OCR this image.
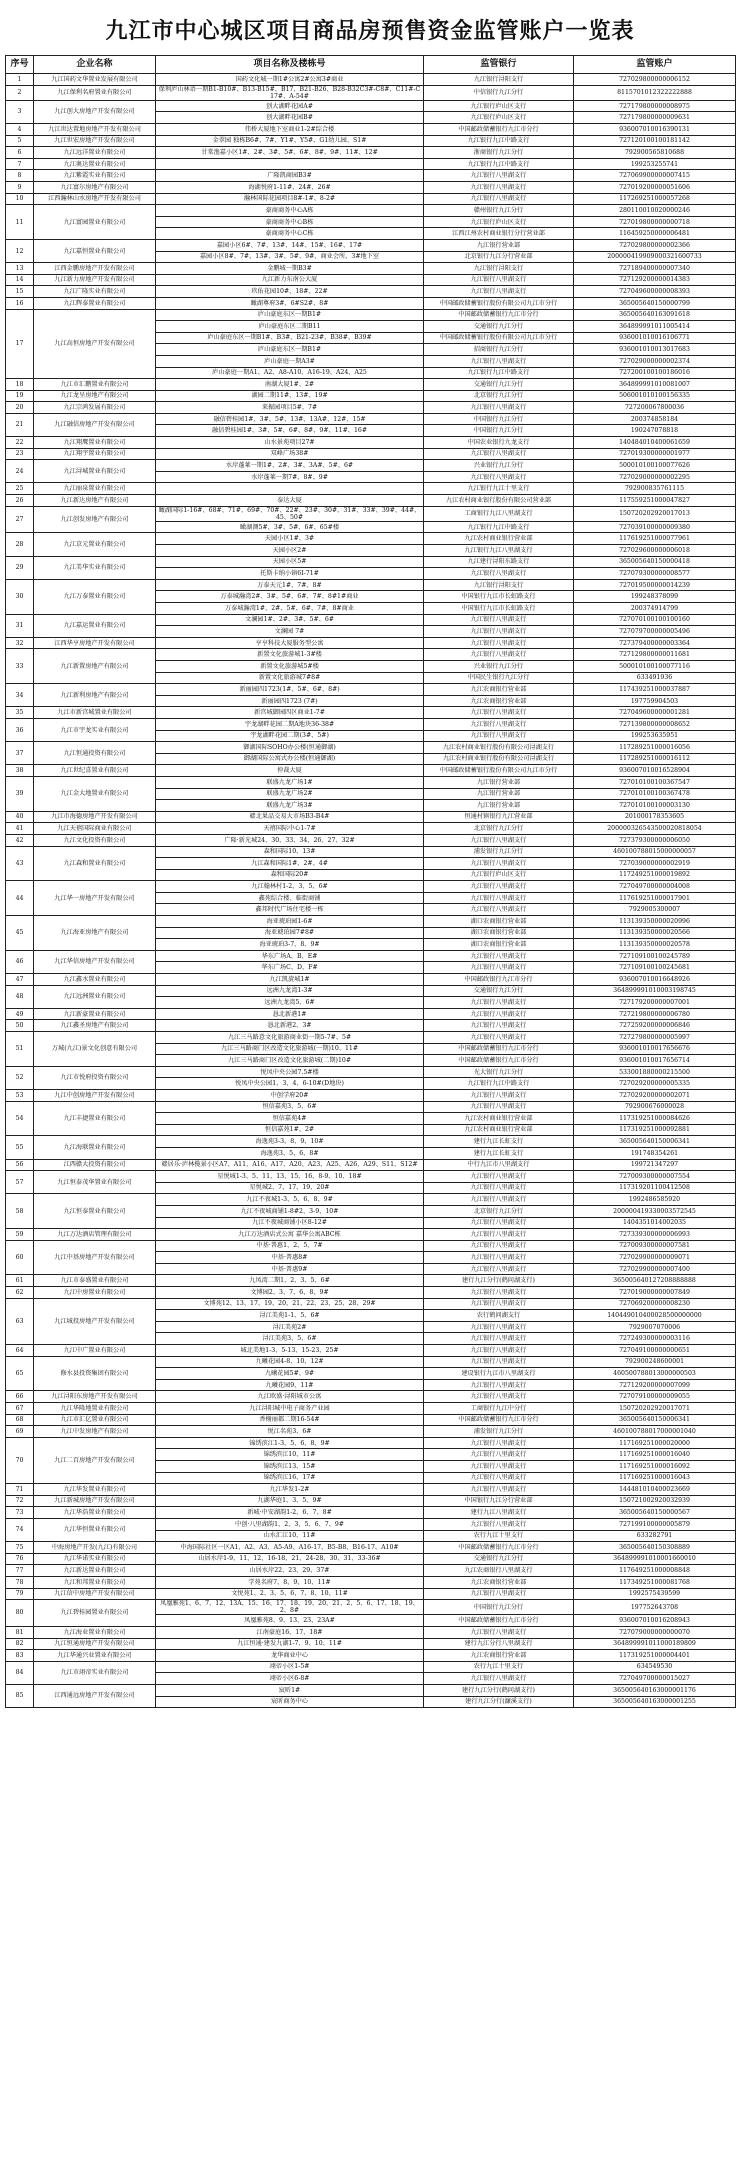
九江市中心城区项目商品房预售资金监管账户一览表
序号	企业名称	项目名称及楼栋号	监管银行	监管账户
1	九江国药文华置业发展有限公司	国药文化城一期1#公寓2#公寓3#商业	九江银行浔阳支行	727029800000006152
2	九江保利名府置业有限公司	保利庐山林语一期B1-B10#、B13-B15#、B17、B21-B26、B28-B32C3#-C8#、C11#-C17#、A-54#	中信银行九江分行	8115701012322222888
3	九江创大房地产开发有限公司	创大湖畔花园A#	九江银行庐山区支行	727179800000008975
		创大湖畔花园B#	九江银行庐山区支行	727179800000009631
4	九江世达置地房地产开发有限公司	伟桥大厦地下室商业1-2#综合楼	中国邮政储蓄银行九江市分行	936007010016390131
5	九江世宏房地产开发有限公司	金翠园 独栋B6#、7#、Y1#、Y5#、G1幼儿园、S1#	九江银行九江中路支行	727120100100181142
6	九江远洋置业有限公司	甘棠渔嘉小区1#、2#、3#、5#、6#、8#、9#、11#、12#	浙商银行九江分行	792900565810688
7	九江奥达置业有限公司		九江银行九江中路支行	199253255741
8	九江紫霞实业有限公司	广隆凯商园B3#	九江银行八里湖支行	727069900000007415
9	九江富尔房地产有限公司	海湖悦府1-11#、24#、26#	九江银行八里湖支行	727019200000051606
10	江西瀚林山水房地产开发有限公司	瀚林国际花园项目8#-1#、8-2#	九江银行八里湖支行	117269251000057268
11	九江富园置业有限公司	豪商商务中心A栋	赣州银行九江分行	280110010020000246
		豪商商务中心B栋	九江银行庐山区支行	727019800000000718
		豪商商务中心C栋	江西江州农村商业银行分行营业部	116459250000006481
12	九江嘉恒置业有限公司	嘉园小区6#、7#、13#、14#、15#、16#、17#	九江银行营业部	727029800000002366
		嘉园小区8#、7#、13#、3#、5#、9#、商业会所、3#地下室	北京银行九江分行营业部	200000419909000321600733
13	江西金鹏房地产开发有限公司	金鹏城一期B3#	九江银行浔阳支行	727189400000007340
14	九江新力房地产开发有限公司	九江新力东南公大厦	九江银行八里湖支行	727129200000014383
15	九江广隆实业有限公司	玖佑花园10#、18#、22#	九江银行八里湖支行	727049600000008393
16	九江辉泰置业有限公司	瞰湖尊府3#、6#S2#、8#	中国邮政储蓄银行股份有限公司九江市分行	365005640150000799
17	九江高恒房地产开发有限公司	庐山豪庭东区一期B1#	中国邮政储蓄银行九江市分行	365005640163091618
		庐山豪庭东区二期B11	交通银行九江分行	364899991011005414
		庐山豪庭东区一期B1#、B3#、B21-23#、B38#、B39#	中国邮政储蓄银行股份有限公司九江市分行	936001010016106771
		庐山豪庭东区一期B1#	招商银行九江分行	936001010013017683
		庐山豪庭一期A3#	九江银行八里湖支行	727029000000002374
		庐山豪庭一期A1、A2、A8-A10、A16-19、A24、A25	九江银行九江中路支行	727200100100186016
18	九江市汇鹏置业有限公司	南湖大厦1#、2#	交通银行九江分行	364899991010081007
19	九江龙呈房地产有限公司	湖园二期11#、13#、19#	北京银行九江分行	506001010100156335
20	九江宗鸿发展有限公司	来振园项目5#、7#	九江银行八里湖支行	727200067800036
21	九江融信房地产开发有限公司	融信碧桂园1#、3#、5#、13#、13A#、12#、15#	中国银行九江分行	200374858184
		融信碧桂园1#、3#、5#、6#、8#、9#、11#、16#	中国银行九江分行	190247078818
22	九江翔鹰置业有限公司	山水景苑项目27#	中国农业银行九龙支行	140484010400061659
23	九江翔宇置业有限公司	双峰广场38#	九江银行八里湖支行	727019300000001977
24	九江浔城置业有限公司	水岸蓬莱一期1#、2#、3#、3A#、5#、6#	兴业银行九江分行	500010100100077626
		水岸蓬莱一期7#、8#、9#	九江银行八里湖支行	727029000000002295
25	九江丽泉置业有限公司		九江银行九江十里支行	792900835761115
26	九江新达房地产有限公司	泰达大厦	九江农村商业银行股份有限公司营业部	117559251000047827
27	九江创发房地产有限公司	瞰湖国际1-16#、68#、71#、69#、70#、22#、23#、30#、31#、33#、39#、44#、45、50#	工商银行九江八里湖支行	150720202920017013
		瞰湖测5#、3#、5#、6#、65#楼	九江银行九江中路支行	727039100000009380
28	九江京元置业有限公司	天园小区1#、3#	九江农村商业银行营业部	117619251000077961
		天园小区2#	九江银行九江八里湖支行	727029600000006018
29	九江美华实业有限公司	天园小区5#	九江建行浔阳东路支行	365005640150000418
		托斯卡纳小镇6I-71#	九江银行八里湖支行	727079300000008577
30	九江万泰置业有限公司	万泰天元1#、7#、8#	九江银行浔阳支行	727019500000014239
		万泰城瀚湾2#、3#、5#、6#、7#、8#1#商业	中国银行九江市长虹路支行	199248378099
		万泰城瀚湾1#、2#、5#、6#、7#、8#商业	中国银行九江市长虹路支行	200374914799
31	九江嘉运置业有限公司	文澜园1#、2#、3#、5#、6#	九江银行八里湖支行	727070100100100160
		文澜园 7#	九江银行八里湖支行	727079700000005496
32	江西华亨房地产开发有限公司	亨亨科技大厦服务型公寓	九江银行八里湖支行	727379400000003364
33	九江新置房地产有限公司	新置文化旅游城1-3#楼	九江银行八里湖支行	727129800000011681
		新置文化旅游城5#楼	兴业银行九江分行	500010100100077116
		新置文化旅游城7#8#	中国民生银行九江分行	633491936
34	九江新利房地产有限公司	新丽园四1723(1#、5#、6#、8#)	九江农商银行营业部	117439251000037887
		新丽园四1723 (7#)	九江农商银行营业部	197759904503
35	九江市新宫城置业有限公司	新宫城御园四区商业1-7#	九江银行八里湖支行	727049600000001281
36	九江市宇龙实业有限公司	宇龙湖畔花园二期A地块36-38#	九江银行八里湖支行	727139800000008652
		宇龙湖畔花园二期(3#、5#)	九江银行八里湖支行	199253635951
37	九江恒通投资有限公司	御湖国际SOHO办公楼(恒通御湖)	九江农村商业银行股份有限公司浔湖支行	117289251000016056
		御湖国际公寓式办公楼(恒通御湖)	九江农村商业银行股份有限公司浔湖支行	117289251000016112
38	九江世纪喜置业有限公司	仲裁大厦	中国邮政储蓄银行股份有限公司九江市分行	936007010016528904
39	九江金大地置业有限公司	联盛九龙广场1#	九江银行营业部	727010100100367547
		联盛九龙广场2#	九江银行营业部	727010100100367478
		联盛九龙广场3#	九江银行营业部	727010100100003130
40	九江市海德房地产开发有限公司	赣北果品交易大市场B3-B4#	恒通村镇银行九江营业部	201000178353605
41	九江天禧国际商业有限公司	天禧国际中心1-7#	北京银行九江分行	200000326543500020818054
42	九江文化投资有限公司	广隆·新光城24、30、33、34、26、27、32#	九江银行八里湖支行	727379300000006050
43	九江森和置业有限公司	森和国际10、13#	浦发银行九江分行	460100788015000000057
		九江森和国际1#、2#、4#	九江银行八里湖支行	727039000000002919
		森和国际20#	九江银行庐山区支行	117249251000019892
44	九江华一房地产开发有限公司	九江翰林村1-2、3、5、6#	九江银行八里湖支行	727049700000004008
		鑫苑综合楼、临街商铺	九江银行八里湖支行	117619251000017901
		鑫邦时代广场住宅楼一栋	九江银行八里湖支行	7929005300007
45	九江海亚房地产有限公司	海亚琥珀园1-6#	湖口农商银行营业部	113139350000020996
		海亚琥珀园7#8#	湖口农商银行营业部	113139350000020566
		海亚琥珀3-7、8、9#	湖口农商银行营业部	113139350000020578
46	九江华信房地产开发有限公司	华东广场A、B、E#	九江银行八里湖支行	727109100100245789
		华东广场C、D、F#	九江银行八里湖支行	727109100100245681
47	九江鑫水置业有限公司	九江凯旋城1#	中国邮政银行九江市分行	936007010016648926
48	九江远洲置业有限公司	远洲九龙湾1-3#	交通银行九江分行	364899991010003198745
		远洲九龙湾5、6#	九江银行八里湖支行	727179200000007001
49	九江新豪置业有限公司	恳北新港1#	九江银行八里湖支行	727219800000006780
50	九江鑫圣房地产有限公司	恳北新港2、3#	九江银行八里湖支行	727259200000006846
51	万城(九江)景文化创意有限公司	九江三马路意文化旅游商业街一期5-7#、5#	九江银行八里湖支行	727279800000005997
		九江三马路商门区改造文化旅游城(一期)10、11#	中国邮政储蓄银行九江市分行	936001010017656676
		九江三马路商门区改造文化旅游城(二期)10#	中国邮政储蓄银行九江市分行	936001010017656714
52	九江市悦府投资有限公司	悦凤中央公园7.5#楼	光大银行九江分行	533001880000215500
		悦凤中央公园1、3、4、6-10#(D地块)	九江银行九江中路支行	727029200000005335
53	九江中创房地产开发有限公司	中创学府20#	九江银行八里湖支行	727029200000002071
54	九江丰捷置业有限公司	恒信嘉苑3、5、6#	九江银行八里湖支行	792900676000028
		恒信嘉苑4#	九江农村商业银行营业部	117319251000084626
		恒信嘉苑1#、2#	九江农村商业银行营业部	117319251000092881
55	九江海联置业有限公司	海逸苑3-3、8、9、10#	建行九江长虹支行	365005640150006341
		海逸苑3、5、6、8#	建行九江长虹支行	191748354261
56	江西赣大投资有限公司	赣居乐·庐林揽景小区A7、A11、A16、A17、A20、A23、A25、A26、A29、S11、S12#	中行九江市八里湖支行	199721347297
57	九江恒泰茂华置业有限公司	星悦城1-3、5、11、13、15、16、8-9、10、18#	九江银行八里湖支行	727009300000007554
		星悦城2、7、17、19、20#	九江银行八里湖支行	117319201100412508
58	九江恒泰置业有限公司	九江不夜城1-3、5、6、8、9#	九江银行八里湖支行	1992486585920
		九江不夜城商铺1-8#2、3-9、10#	北京银行九江分行	200000419330003572545
		九江不夜城商铺小区8-12#	九江银行八里湖支行	1404351014002035
59	九江万达酒店管理有限公司	九江万达酒店式公寓 嘉华公寓ABC栋	九江银行八里湖支行	727339300000006993
60	九江中基房地产开发有限公司	中基·普惠1、2、5、7#	九江银行八里湖支行	727009300000007581
		中基·普惠8#	九江银行八里湖支行	727029900000009071
		中基·普惠9#	九江银行八里湖支行	727029900000007400
61	九江市泰盛置业有限公司	九凤湾二期1、2、3、5、6#	建行九江分行(鹤问湖支行)	365005640127208888888
62	九江中房置业有限公司	文博园2、3、7、6、8、9#	九江银行八里湖支行	727019000000007849
63	九江城投房地产开发有限公司	文博苑12、13、17、19、20、21、22、23、25、28、29#	九江银行八里湖支行	727069200000008230
		浔江美苑1-1、5、6#	农行鹤问湖支行	140449010400028500000000
		浔江美苑2#	九江银行八里湖支行	7929007070006
		浔江美苑3、5、6#	九江银行八里湖支行	727249300000003116
64	九江中广置业有限公司	城北美地1-3、5-13、15-23、25#	九江银行八里湖支行	727049100000000651
65	修水县投资集团有限公司	九曦花园4-8、10、12#	九江银行八里湖支行	792900248600001
		九曦花园5#、9#	建设银行九江市八里湖支行	460500788013000000503
		九曦花园9、11#	九江银行八里湖支行	727129200000007099
66	九江浔阳东房地产开发有限公司	九江欧盛·浔阳城市公寓	九江银行八里湖支行	727079100000009055
67	九江华隆地置业有限公司	九江浔阳城中电子商务产业园	工商银行九江中分行	150720202920017071
68	九江市汇亿置业有限公司	香榭丽都二期16-54#	中国邮政储蓄银行九江市分行	365005640150006341
69	九江中发房地产有限公司	悦江名苑3、6#	浦发银行九江分行	460100788017000001040
70	九江二百房地产开发有限公司	锦绣滨江1-3、5、6、8、9#	九江银行八里湖支行	117169251000020000
		锦绣滨江10、11#	九江银行八里湖支行	117169251000016040
		锦绣滨江13、15#	九江银行八里湖支行	117169251000016092
		锦绣滨江16、17#	九江银行八里湖支行	117169251000016043
71	九江华发置业有限公司	九江华发1-2#	九江银行八里湖支行	144481010400023669
72	九江新城房地产开发有限公司	九湖华庭1、3、5、9#	中国银行九江分行营业部	150721002920032939
73	九江华浩置业有限公司	新城·中安湖韵1-2、6、7、8#	建行九江八里湖支行	365005640150000567
74	九江华恒置业有限公司	中创·八里湖韵1、2、3、5、6、7、9#	九江银行八里湖支行	727199100000005879
		山水汇江10、11#	农行九江十里支行	633282791
75	中海房地产开发(九江)有限公司	中海国际社区一区A1、A2、A3、A5-A9、A16-17、B5-B8、B16-17、A10#	中国邮政储蓄银行九江市分行	365005640150308889
76	九江华诺实业有限公司	山居水岸1-9、11、12、16-18、21、24-28、30、31、33-36#	交通银行九江分行	364899991010001660010
77	九江新达置业有限公司	山居水岸22、23、29、37#	九江农商银行八里湖支行	117649251000008848
78	九江和邦置业有限公司	学苑名府7、8、9、10、11#	九江农商银行营业部	117349251000081768
79	九江信中房地产开发有限公司	文悦苑1、2、3、5、6、7、8、10、11#	九江银行八里湖支行	1992575439599
80	九江碧桂园置业有限公司	凤凰雅苑1、6、7、12、13A、15、16、17、18、19、20、21、2、5、6、17、18、19、2、8#	中国银行九江分行	197752643708
		凤凰雅苑8、9、13、23、23A#	中国邮政储蓄银行九江市分行	936007010016208943
81	九江海业置业有限公司	江南豪庭16、17、18#	九江银行八里湖支行	727079000000000070
82	九江恒通房地产开发有限公司	九江恒通·建发九湖1-7、9、10、11#	建行九江分行八里湖支行	364899991011000189809
83	九江华通兴业置业有限公司	龙华商业中心	九江农商银行营业部	117319251000004401
84	九江市翊帝实业有限公司	翊帝小区1-5#	农行九江十里支行	634549530
		翊帝小区6-8#	九江银行八里湖支行	727049700000015027
85	江西通远房地产开发有限公司	宸昕1#	建行九江分行(鹤问湖支行)	365005640163000001176
		宸昕商务中心	建行九江分行(濂溪支行)	365005640163000001255
